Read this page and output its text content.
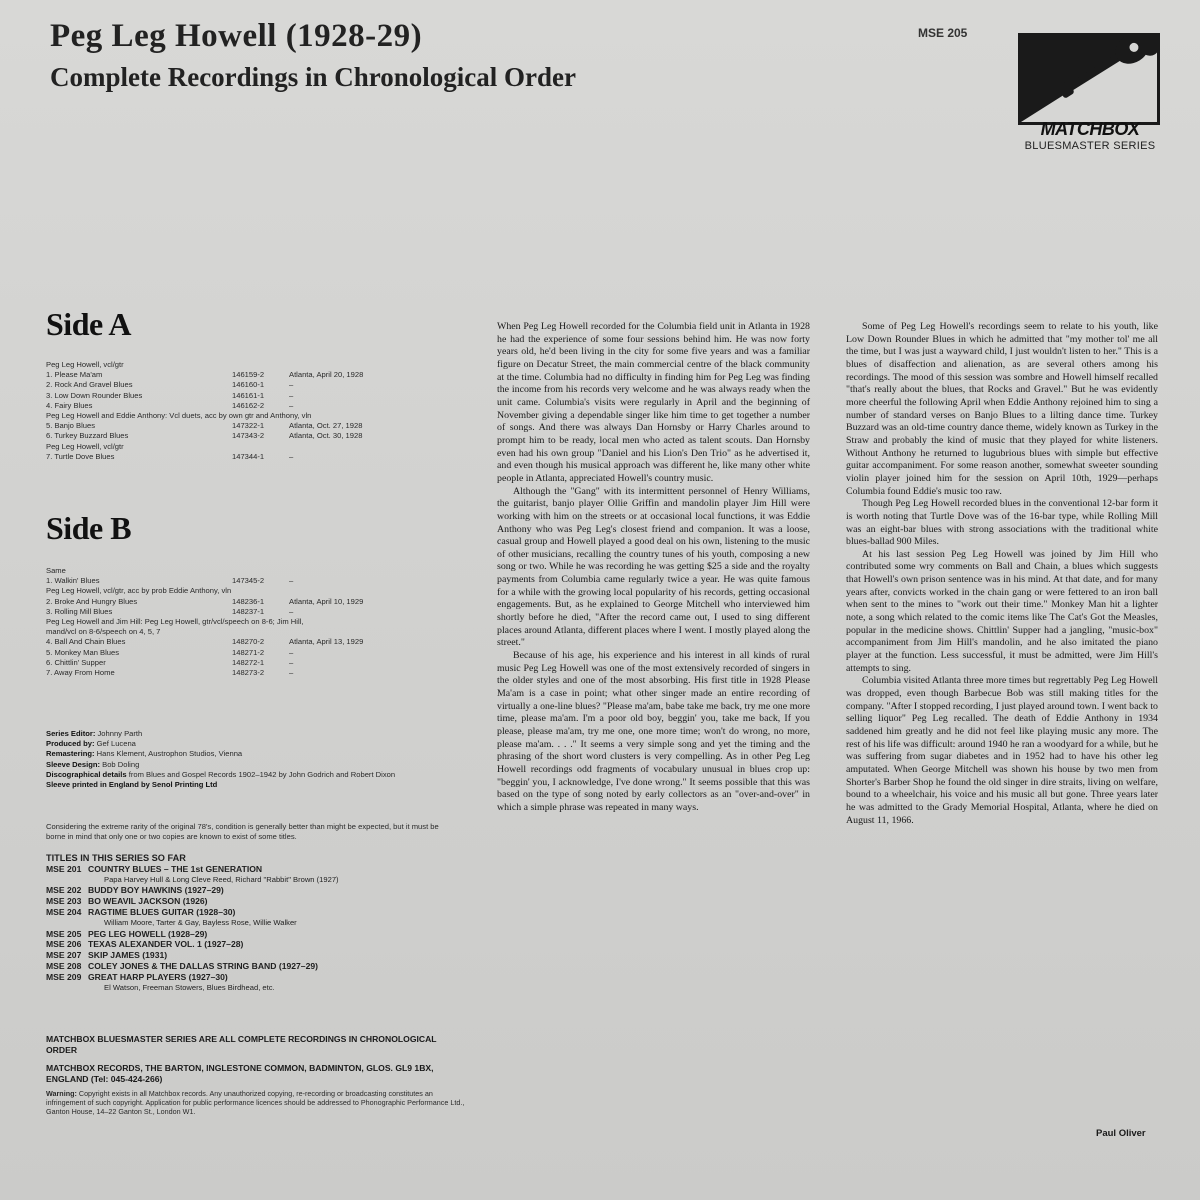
Peg Leg Howell (1928-29)
Complete Recordings in Chronological Order
MSE 205
MATCHBOX
BLUESMASTER SERIES
Side A
Peg Leg Howell, vcl/gtr
1. Please Ma'am	146159-2	Atlanta, April 20, 1928
2. Rock And Gravel Blues	146160-1	–
3. Low Down Rounder Blues	146161-1	–
4. Fairy Blues	146162-2	–
Peg Leg Howell and Eddie Anthony: Vcl duets, acc by own gtr and Anthony, vln
5. Banjo Blues	147322-1	Atlanta, Oct. 27, 1928
6. Turkey Buzzard Blues	147343-2	Atlanta, Oct. 30, 1928
Peg Leg Howell, vcl/gtr
7. Turtle Dove Blues	147344-1	–
Side B
Same
1. Walkin' Blues	147345-2	–
Peg Leg Howell, vcl/gtr, acc by prob Eddie Anthony, vln
2. Broke And Hungry Blues	148236-1	Atlanta, April 10, 1929
3. Rolling Mill Blues	148237-1	–
Peg Leg Howell and Jim Hill: Peg Leg Howell, gtr/vcl/speech on 8-6; Jim Hill,
mand/vcl on 8-6/speech on 4, 5, 7
4. Ball And Chain Blues	148270-2	Atlanta, April 13, 1929
5. Monkey Man Blues	148271-2	–
6. Chittlin' Supper	148272-1	–
7. Away From Home	148273-2	–
Series Editor: Johnny Parth
Produced by: Gef Lucena
Remastering: Hans Klement, Austrophon Studios, Vienna
Sleeve Design: Bob Doling
Discographical details from Blues and Gospel Records 1902–1942 by John Godrich and Robert Dixon
Sleeve printed in England by Senol Printing Ltd
Considering the extreme rarity of the original 78's, condition is generally better than might be expected, but it must be borne in mind that only one or two copies are known to exist of some titles.
TITLES IN THIS SERIES SO FAR
MSE 201 COUNTRY BLUES – THE 1st GENERATION
Papa Harvey Hull & Long Cleve Reed, Richard "Rabbit" Brown (1927)
MSE 202 BUDDY BOY HAWKINS (1927–29)
MSE 203 BO WEAVIL JACKSON (1926)
MSE 204 RAGTIME BLUES GUITAR (1928–30)
William Moore, Tarter & Gay, Bayless Rose, Willie Walker
MSE 205 PEG LEG HOWELL (1928–29)
MSE 206 TEXAS ALEXANDER VOL. 1 (1927–28)
MSE 207 SKIP JAMES (1931)
MSE 208 COLEY JONES & THE DALLAS STRING BAND (1927–29)
MSE 209 GREAT HARP PLAYERS (1927–30)
El Watson, Freeman Stowers, Blues Birdhead, etc.
MATCHBOX BLUESMASTER SERIES ARE ALL COMPLETE RECORDINGS IN CHRONOLOGICAL ORDER
MATCHBOX RECORDS, THE BARTON, INGLESTONE COMMON, BADMINTON, GLOS. GL9 1BX, ENGLAND (Tel: 045-424-266)
Warning: Copyright exists in all Matchbox records. Any unauthorized copying, re-recording or broadcasting constitutes an infringement of such copyright. Application for public performance licences should be addressed to Phonographic Performance Ltd., Ganton House, 14–22 Ganton St., London W1.

When Peg Leg Howell recorded for the Columbia field unit in Atlanta in 1928 he had the experience of some four sessions behind him. He was now forty years old, he'd been living in the city for some five years and was a familiar figure on Decatur Street, the main commercial centre of the black community at the time. Columbia had no difficulty in finding him for Peg Leg was finding the income from his records very welcome and he was always ready when the unit came. Columbia's visits were regularly in April and the beginning of November giving a dependable singer like him time to get together a number of songs. And there was always Dan Hornsby or Harry Charles around to prompt him to be ready, local men who acted as talent scouts. Dan Hornsby even had his own group "Daniel and his Lion's Den Trio" as he advertised it, and even though his musical approach was different he, like many other white people in Atlanta, appreciated Howell's country music.

Although the "Gang" with its intermittent personnel of Henry Williams, the guitarist, banjo player Ollie Griffin and mandolin player Jim Hill were working with him on the streets or at occasional local functions, it was Eddie Anthony who was Peg Leg's closest friend and companion. It was a loose, casual group and Howell played a good deal on his own, listening to the music of other musicians, recalling the country tunes of his youth, composing a new song or two. While he was recording he was getting $25 a side and the royalty payments from Columbia came regularly twice a year. He was quite famous for a while with the growing local popularity of his records, getting occasional engagements. But, as he explained to George Mitchell who interviewed him shortly before he died, "After the record came out, I used to sing different places around Atlanta, different places where I went. I mostly played along the street."

Because of his age, his experience and his interest in all kinds of rural music Peg Leg Howell was one of the most extensively recorded of singers in the older styles and one of the most absorbing. His first title in 1928 Please Ma'am is a case in point; what other singer made an entire recording of virtually a one-line blues? "Please ma'am, babe take me back, try me one more time, please ma'am. I'm a poor old boy, beggin' you, take me back, If you please, please ma'am, try me one, one more time; won't do wrong, no more, please ma'am. . . ." It seems a very simple song and yet the timing and the phrasing of the short word clusters is very compelling. As in other Peg Leg Howell recordings odd fragments of vocabulary unusual in blues crop up: "beggin' you, I acknowledge, I've done wrong." It seems possible that this was based on the type of song noted by early collectors as an "over-and-over" in which a simple phrase was repeated in many ways.

Some of Peg Leg Howell's recordings seem to relate to his youth, like Low Down Rounder Blues in which he admitted that "my mother tol' me all the time, but I was just a wayward child, I just wouldn't listen to her." This is a blues of disaffection and alienation, as are several others among his recordings. The mood of this session was sombre and Howell himself recalled "that's really about the blues, that Rocks and Gravel." But he was evidently more cheerful the following April when Eddie Anthony rejoined him to sing a number of standard verses on Banjo Blues to a lilting dance time. Turkey Buzzard was an old-time country dance theme, widely known as Turkey in the Straw and probably the kind of music that they played for white listeners. Without Anthony he returned to lugubrious blues with simple but effective guitar accompaniment. For some reason another, somewhat sweeter sounding violin player joined him for the session on April 10th, 1929—perhaps Columbia found Eddie's music too raw.

Though Peg Leg Howell recorded blues in the conventional 12-bar form it is worth noting that Turtle Dove was of the 16-bar type, while Rolling Mill was an eight-bar blues with strong associations with the traditional white blues-ballad 900 Miles.

At his last session Peg Leg Howell was joined by Jim Hill who contributed some wry comments on Ball and Chain, a blues which suggests that Howell's own prison sentence was in his mind. At that date, and for many years after, convicts worked in the chain gang or were fettered to an iron ball when sent to the mines to "work out their time." Monkey Man hit a lighter note, a song which related to the comic items like The Cat's Got the Measles, popular in the medicine shows. Chittlin' Supper had a jangling, "music-box" accompaniment from Jim Hill's mandolin, and he also imitated the piano player at the function. Less successful, it must be admitted, were Jim Hill's attempts to sing.

Columbia visited Atlanta three more times but regrettably Peg Leg Howell was dropped, even though Barbecue Bob was still making titles for the company. "After I stopped recording, I just played around town. I went back to selling liquor" Peg Leg recalled. The death of Eddie Anthony in 1934 saddened him greatly and he did not feel like playing music any more. The rest of his life was difficult: around 1940 he ran a woodyard for a while, but he was suffering from sugar diabetes and in 1952 had to have his other leg amputated. When George Mitchell was shown his house by two men from Shorter's Barber Shop he found the old singer in dire straits, living on welfare, bound to a wheelchair, his voice and his music all but gone. Three years later he was admitted to the Grady Memorial Hospital, Atlanta, where he died on August 11, 1966.

Paul Oliver
